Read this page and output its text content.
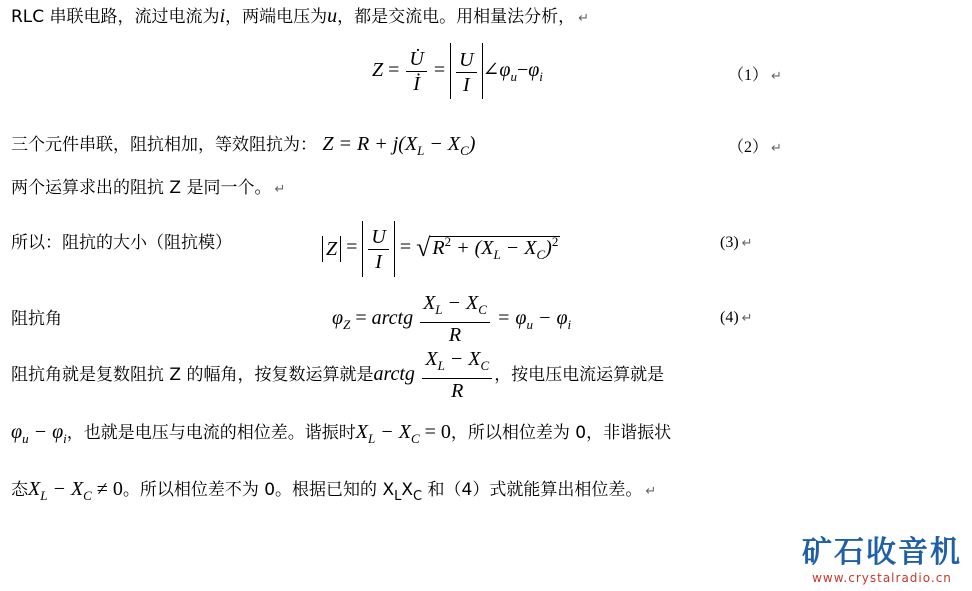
RLC 串联电路，流过电流为i，两端电压为u，都是交流电。用相量法分析， ↵
$Z = \frac{U̇}{İ} = \frac{U}{I}$ $\angle\varphi_u-\varphi_i$	（1） ↵
三个元件串联，阻抗相加，等效阻抗为： $Z = R + j(X_L - X_C)$	（2） ↵
两个运算求出的阻抗 Z 是同一个。 ↵
所以：阻抗的大小（阻抗模）	$Z = \frac{U}{I}$ = √ $R^2 + (X_L - X_C)^2$	(3) ↵
阻抗角	$\varphi_Z$ = arctg $\frac{X_L - X_C}{R} = \varphi_u - \varphi_i$	(4) ↵
阻抗角就是复数阻抗 Z 的幅角，按复数运算就是arctg $\frac{X_L - X_C}{R}$ ，按电压电流运算就是
$\varphi_u - \varphi_i$，也就是电压与电流的相位差。谐振时$X_L - X_C = 0$，所以相位差为 0，非谐振状
态$X_L - X_C \ne 0$。所以相位差不为 0。根据已知的 $X_LX_C$ 和（4）式就能算出相位差。 ↵
矿石收音机
www.crystalradio.cn
